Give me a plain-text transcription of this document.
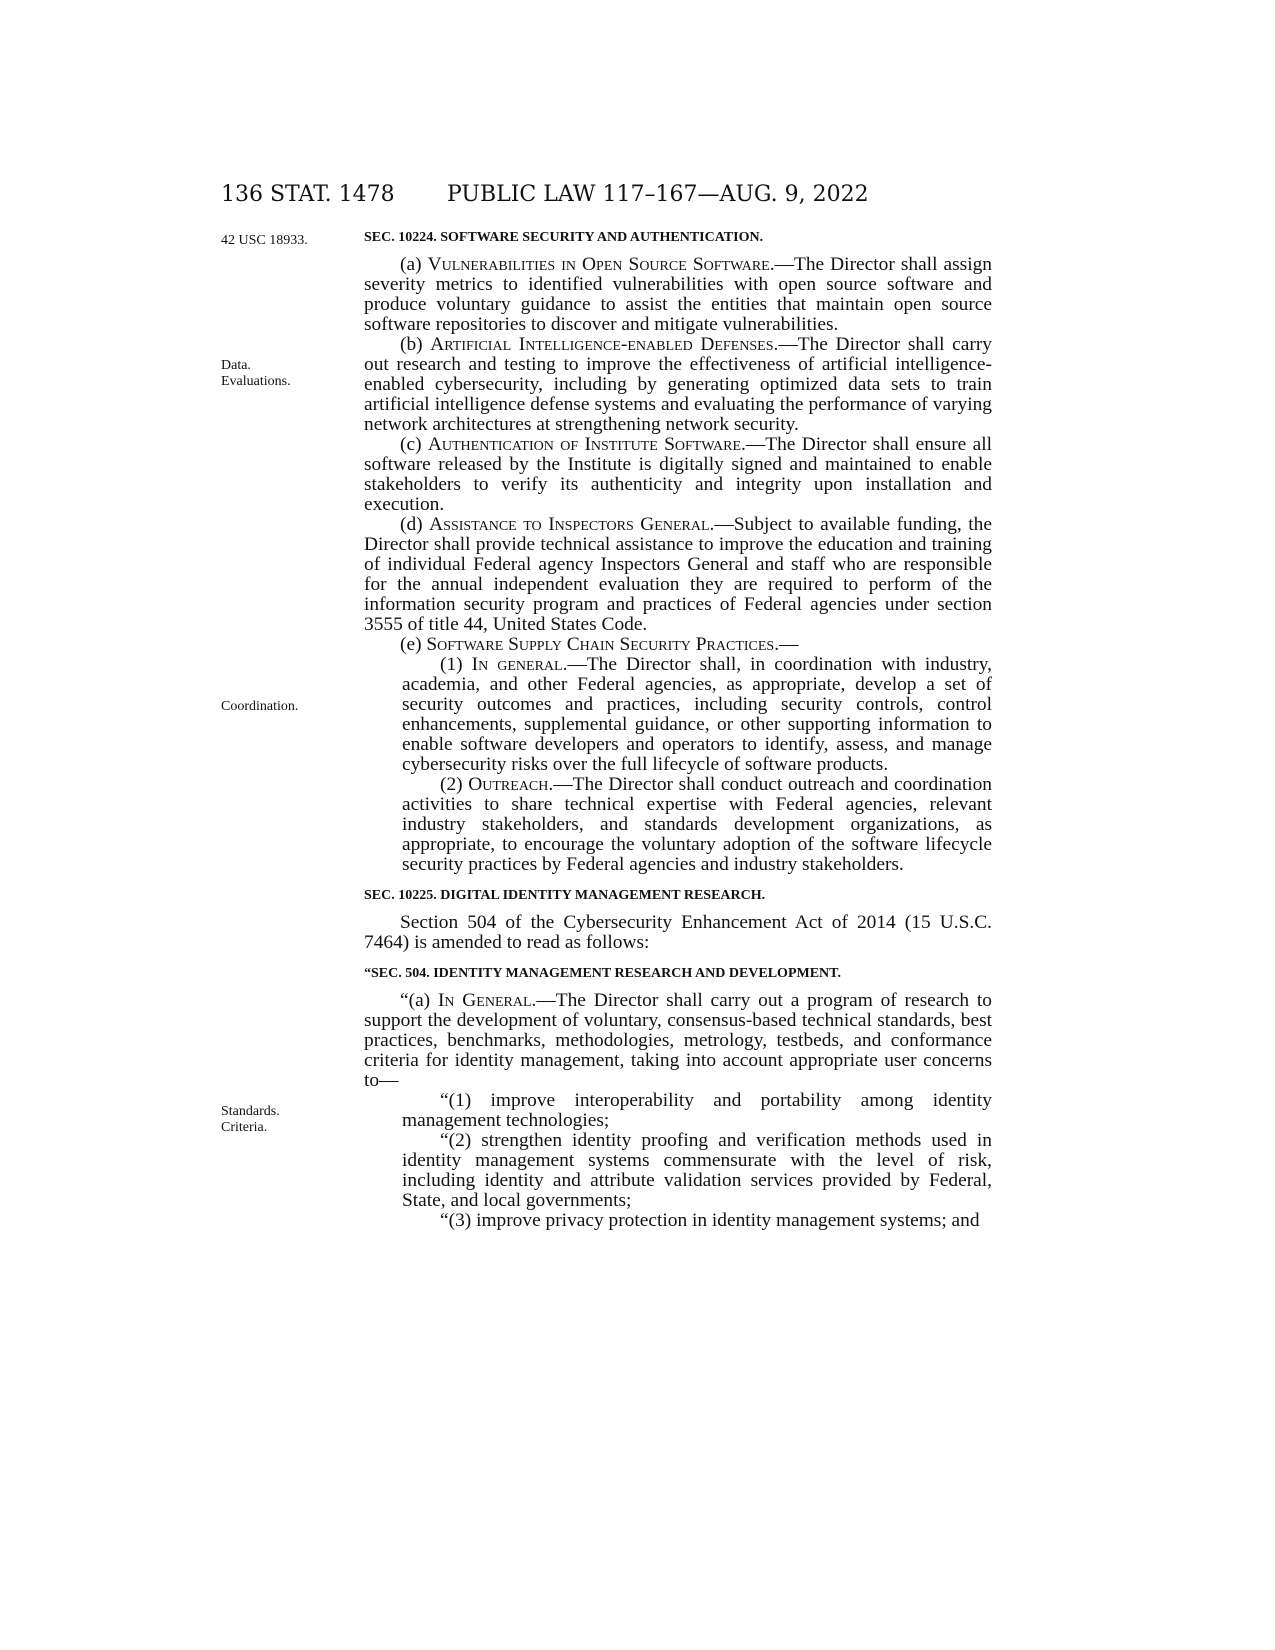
136 STAT. 1478 PUBLIC LAW 117–167—AUG. 9, 2022
42 USC 18933.
Data.
Evaluations.
Coordination.
Standards.
Criteria.
SEC. 10224. SOFTWARE SECURITY AND AUTHENTICATION.

(a) Vulnerabilities in Open Source Software.—The Director shall assign severity metrics to identified vulnerabilities with open source software and produce voluntary guidance to assist the entities that maintain open source software repositories to discover and mitigate vulnerabilities.

(b) Artificial Intelligence-enabled Defenses.—The Director shall carry out research and testing to improve the effectiveness of artificial intelligence-enabled cybersecurity, including by generating optimized data sets to train artificial intelligence defense systems and evaluating the performance of varying network architectures at strengthening network security.

(c) Authentication of Institute Software.—The Director shall ensure all software released by the Institute is digitally signed and maintained to enable stakeholders to verify its authenticity and integrity upon installation and execution.

(d) Assistance to Inspectors General.—Subject to available funding, the Director shall provide technical assistance to improve the education and training of individual Federal agency Inspectors General and staff who are responsible for the annual independent evaluation they are required to perform of the information security program and practices of Federal agencies under section 3555 of title 44, United States Code.

(e) Software Supply Chain Security Practices.—

(1) In general.—The Director shall, in coordination with industry, academia, and other Federal agencies, as appropriate, develop a set of security outcomes and practices, including security controls, control enhancements, supplemental guidance, or other supporting information to enable software developers and operators to identify, assess, and manage cybersecurity risks over the full lifecycle of software products.

(2) Outreach.—The Director shall conduct outreach and coordination activities to share technical expertise with Federal agencies, relevant industry stakeholders, and standards development organizations, as appropriate, to encourage the voluntary adoption of the software lifecycle security practices by Federal agencies and industry stakeholders.

SEC. 10225. DIGITAL IDENTITY MANAGEMENT RESEARCH.

Section 504 of the Cybersecurity Enhancement Act of 2014 (15 U.S.C. 7464) is amended to read as follows:

“SEC. 504. IDENTITY MANAGEMENT RESEARCH AND DEVELOPMENT.

“(a) In General.—The Director shall carry out a program of research to support the development of voluntary, consensus-based technical standards, best practices, benchmarks, methodologies, metrology, testbeds, and conformance criteria for identity management, taking into account appropriate user concerns to—

“(1) improve interoperability and portability among identity management technologies;

“(2) strengthen identity proofing and verification methods used in identity management systems commensurate with the level of risk, including identity and attribute validation services provided by Federal, State, and local governments;

“(3) improve privacy protection in identity management systems; and
